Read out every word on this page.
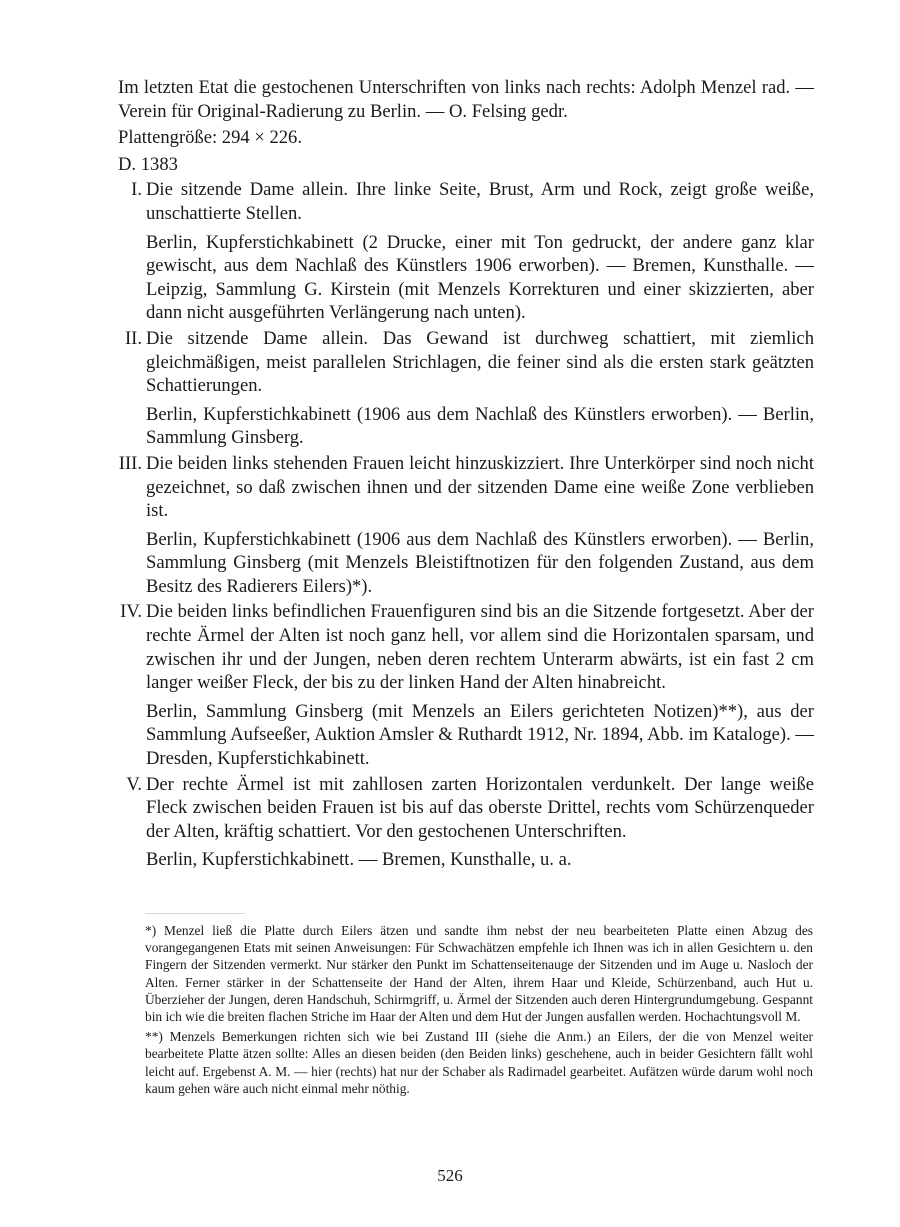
Im letzten Etat die gestochenen Unterschriften von links nach rechts: Adolph Menzel rad. — Verein für Original-Radierung zu Berlin. — O. Felsing gedr.

Plattengröße: 294 × 226.

D. 1383

I. Die sitzende Dame allein. Ihre linke Seite, Brust, Arm und Rock, zeigt große weiße, unschattierte Stellen.

Berlin, Kupferstichkabinett (2 Drucke, einer mit Ton gedruckt, der andere ganz klar gewischt, aus dem Nachlaß des Künstlers 1906 erworben). — Bremen, Kunsthalle. — Leipzig, Sammlung G. Kirstein (mit Menzels Korrekturen und einer skizzierten, aber dann nicht ausgeführten Verlängerung nach unten).

II. Die sitzende Dame allein. Das Gewand ist durchweg schattiert, mit ziemlich gleichmäßigen, meist parallelen Strichlagen, die feiner sind als die ersten stark geätzten Schattierungen.

Berlin, Kupferstichkabinett (1906 aus dem Nachlaß des Künstlers erworben). — Berlin, Sammlung Ginsberg.

III. Die beiden links stehenden Frauen leicht hinzuskizziert. Ihre Unterkörper sind noch nicht gezeichnet, so daß zwischen ihnen und der sitzenden Dame eine weiße Zone verblieben ist.

Berlin, Kupferstichkabinett (1906 aus dem Nachlaß des Künstlers erworben). — Berlin, Sammlung Ginsberg (mit Menzels Bleistiftnotizen für den folgenden Zustand, aus dem Besitz des Radierers Eilers)*).

IV. Die beiden links befindlichen Frauenfiguren sind bis an die Sitzende fortgesetzt. Aber der rechte Ärmel der Alten ist noch ganz hell, vor allem sind die Horizontalen sparsam, und zwischen ihr und der Jungen, neben deren rechtem Unterarm abwärts, ist ein fast 2 cm langer weißer Fleck, der bis zu der linken Hand der Alten hinabreicht.

Berlin, Sammlung Ginsberg (mit Menzels an Eilers gerichteten Notizen)**), aus der Sammlung Aufseeßer, Auktion Amsler & Ruthardt 1912, Nr. 1894, Abb. im Kataloge). — Dresden, Kupferstichkabinett.

V. Der rechte Ärmel ist mit zahllosen zarten Horizontalen verdunkelt. Der lange weiße Fleck zwischen beiden Frauen ist bis auf das oberste Drittel, rechts vom Schürzenqueder der Alten, kräftig schattiert. Vor den gestochenen Unterschriften.

Berlin, Kupferstichkabinett. — Bremen, Kunsthalle, u. a.

*) Menzel ließ die Platte durch Eilers ätzen und sandte ihm nebst der neu bearbeiteten Platte einen Abzug des vorangegangenen Etats mit seinen Anweisungen: Für Schwachätzen empfehle ich Ihnen was ich in allen Gesichtern u. den Fingern der Sitzenden vermerkt. Nur stärker den Punkt im Schattenseitenauge der Sitzenden und im Auge u. Nasloch der Alten. Ferner stärker in der Schattenseite der Hand der Alten, ihrem Haar und Kleide, Schürzenband, auch Hut u. Überzieher der Jungen, deren Handschuh, Schirmgriff, u. Ärmel der Sitzenden auch deren Hintergrundumgebung. Gespannt bin ich wie die breiten flachen Striche im Haar der Alten und dem Hut der Jungen ausfallen werden. Hochachtungsvoll M.

**) Menzels Bemerkungen richten sich wie bei Zustand III (siehe die Anm.) an Eilers, der die von Menzel weiter bearbeitete Platte ätzen sollte: Alles an diesen beiden (den Beiden links) geschehene, auch in beider Gesichtern fällt wohl leicht auf. Ergebenst A. M. — hier (rechts) hat nur der Schaber als Radirnadel gearbeitet. Aufätzen würde darum wohl noch kaum gehen wäre auch nicht einmal mehr nöthig.

526
